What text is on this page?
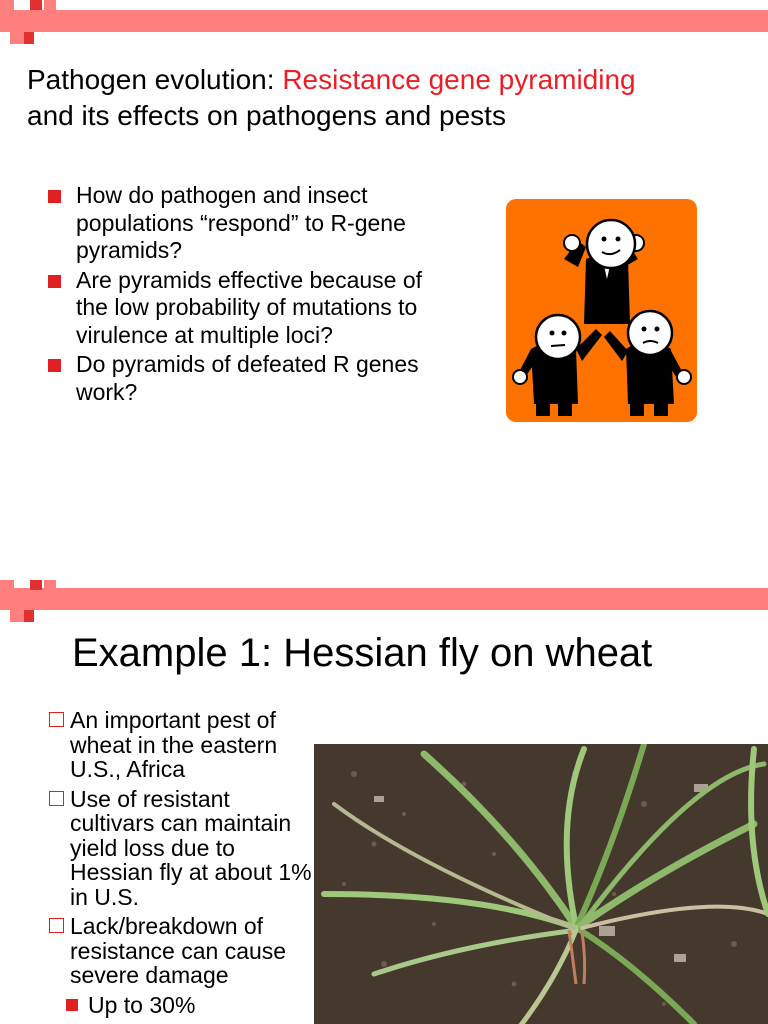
Pathogen evolution: Resistance gene pyramiding
and its effects on pathogens and pests
How do pathogen and insect populations “respond” to R-gene pyramids?
Are pyramids effective because of the low probability of mutations to virulence at multiple loci?
Do pyramids of defeated R genes work?
Example 1: Hessian fly on wheat
An important pest of wheat in the eastern U.S., Africa
Use of resistant cultivars can maintain yield loss due to Hessian fly at about 1% in U.S.
Lack/breakdown of resistance can cause severe damage
Up to 30%
